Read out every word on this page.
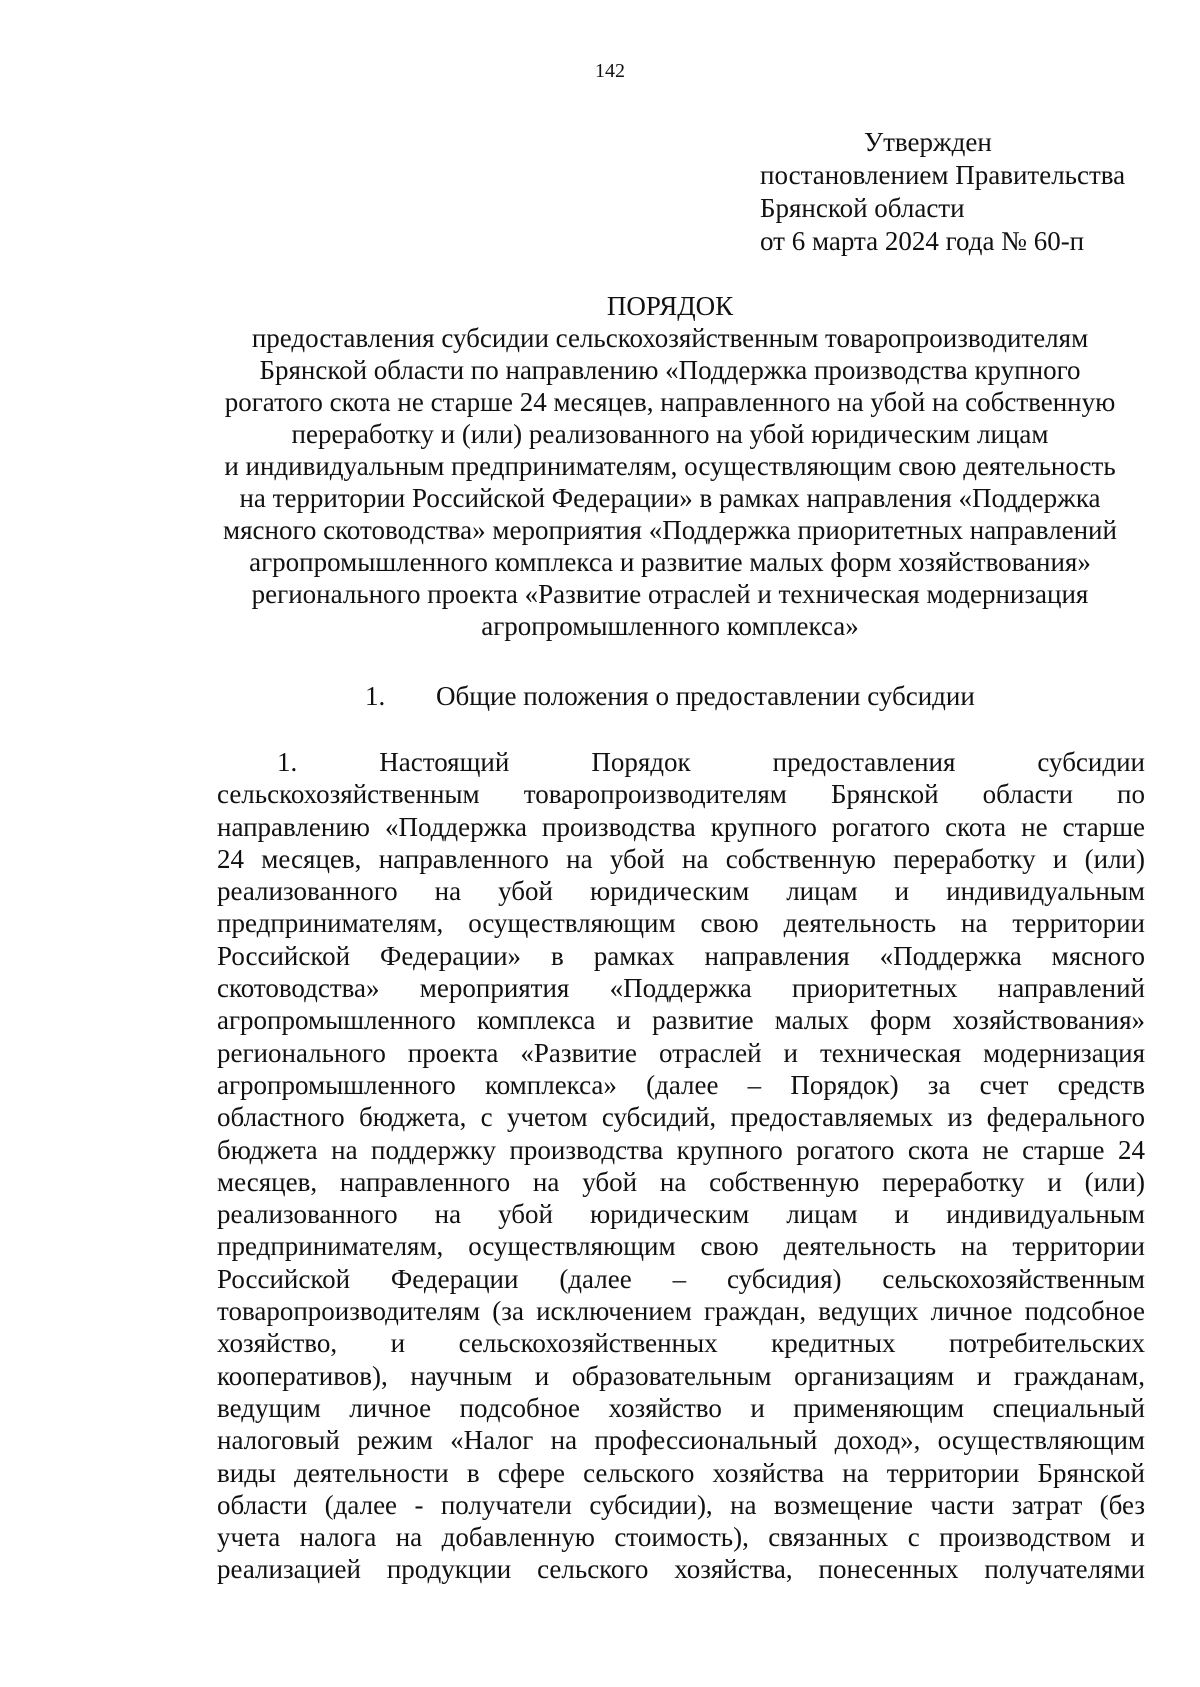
142
Утвержден
постановлением Правительства
Брянской области
от 6 марта 2024 года № 60-п
ПОРЯДОК
предоставления субсидии сельскохозяйственным товаропроизводителям
Брянской области по направлению «Поддержка производства крупного
рогатого скота не старше 24 месяцев, направленного на убой на собственную
переработку и (или) реализованного на убой юридическим лицам
и индивидуальным предпринимателям, осуществляющим свою деятельность
на территории Российской Федерации» в рамках направления «Поддержка
мясного скотоводства» мероприятия «Поддержка приоритетных направлений
агропромышленного комплекса и развитие малых форм хозяйствования»
регионального проекта «Развитие отраслей и техническая модернизация
агропромышленного комплекса»
1. Общие положения о предоставлении субсидии
1. Настоящий Порядок предоставления субсидии
сельскохозяйственным товаропроизводителям Брянской области по
направлению «Поддержка производства крупного рогатого скота не старше
24 месяцев, направленного на убой на собственную переработку и (или)
реализованного на убой юридическим лицам и индивидуальным
предпринимателям, осуществляющим свою деятельность на территории
Российской Федерации» в рамках направления «Поддержка мясного
скотоводства» мероприятия «Поддержка приоритетных направлений
агропромышленного комплекса и развитие малых форм хозяйствования»
регионального проекта «Развитие отраслей и техническая модернизация
агропромышленного комплекса» (далее – Порядок) за счет средств
областного бюджета, с учетом субсидий, предоставляемых из федерального
бюджета на поддержку производства крупного рогатого скота не старше 24
месяцев, направленного на убой на собственную переработку и (или)
реализованного на убой юридическим лицам и индивидуальным
предпринимателям, осуществляющим свою деятельность на территории
Российской Федерации (далее – субсидия) сельскохозяйственным
товаропроизводителям (за исключением граждан, ведущих личное подсобное
хозяйство, и сельскохозяйственных кредитных потребительских
кооперативов), научным и образовательным организациям и гражданам,
ведущим личное подсобное хозяйство и применяющим специальный
налоговый режим «Налог на профессиональный доход», осуществляющим
виды деятельности в сфере сельского хозяйства на территории Брянской
области (далее - получатели субсидии), на возмещение части затрат (без
учета налога на добавленную стоимость), связанных с производством и
реализацией продукции сельского хозяйства, понесенных получателями
